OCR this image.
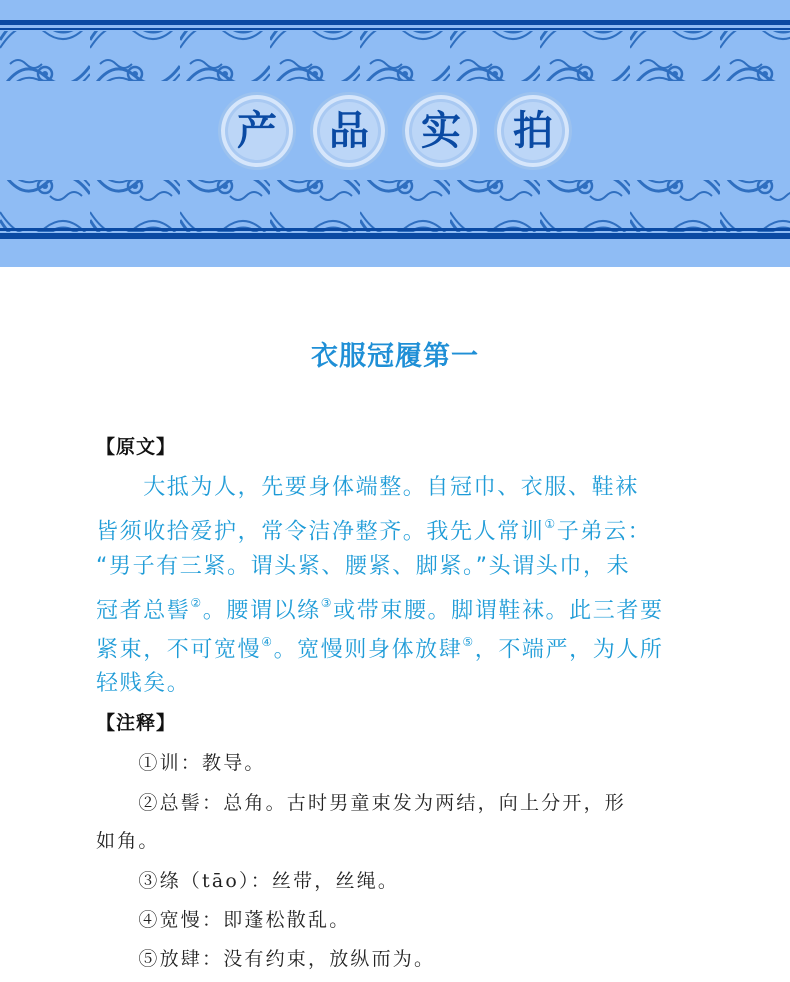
产 品 实 拍
衣服冠履第一
【原文】
　　大抵为人，先要身体端整。自冠巾、衣服、鞋袜
皆须收拾爱护，常令洁净整齐。我先人常训①子弟云：
“男子有三紧。谓头紧、腰紧、脚紧。”头谓头巾，未
冠者总髻②。腰谓以绦③或带束腰。脚谓鞋袜。此三者要
紧束，不可宽慢④。宽慢则身体放肆⑤，不端严，为人所
轻贱矣。
【注释】
　　①训：教导。
　　②总髻：总角。古时男童束发为两结，向上分开，形
如角。
　　③绦（tāo）：丝带，丝绳。
　　④宽慢：即蓬松散乱。
　　⑤放肆：没有约束，放纵而为。
